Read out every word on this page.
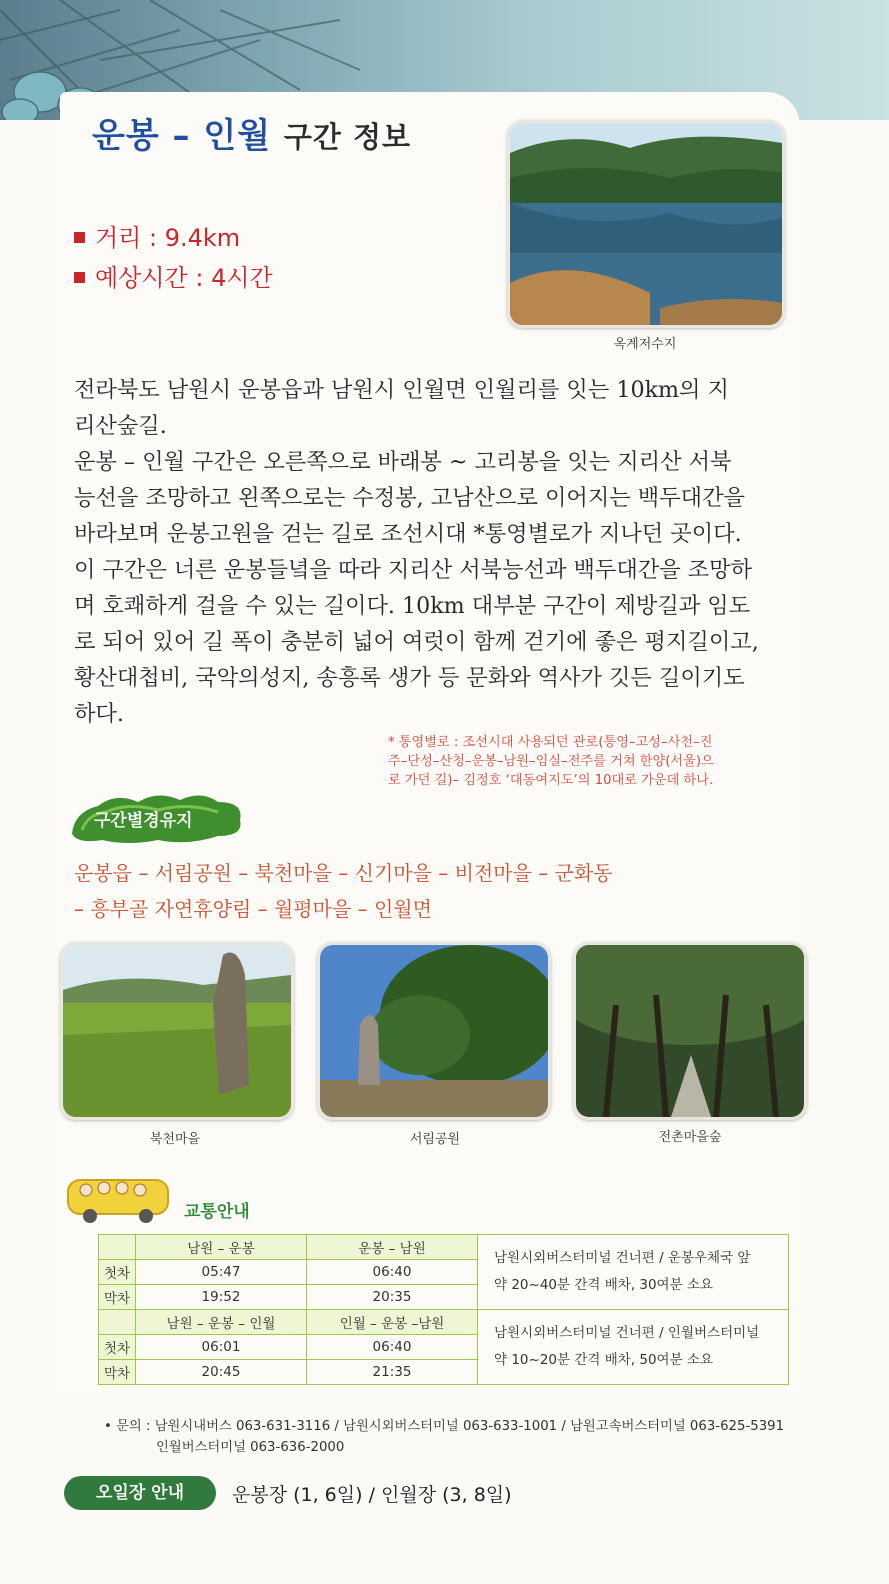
운봉 – 인월 구간 정보
거리 : 9.4km
예상시간 : 4시간
옥계저수지
전라북도 남원시 운봉읍과 남원시 인월면 인월리를 잇는 10km의 지
리산숲길.
운봉 – 인월 구간은 오른쪽으로 바래봉 ~ 고리봉을 잇는 지리산 서북
능선을 조망하고 왼쪽으로는 수정봉, 고남산으로 이어지는 백두대간을
바라보며 운봉고원을 걷는 길로 조선시대 *통영별로가 지나던 곳이다.
이 구간은 너른 운봉들녘을 따라 지리산 서북능선과 백두대간을 조망하
며 호쾌하게 걸을 수 있는 길이다. 10km 대부분 구간이 제방길과 임도
로 되어 있어 길 폭이 충분히 넓어 여럿이 함께 걷기에 좋은 평지길이고,
황산대첩비, 국악의성지, 송흥록 생가 등 문화와 역사가 깃든 길이기도
하다.
* 통영별로 : 조선시대 사용되던 관로(통영–고성–사천–진
주–단성–산청–운봉–남원–임실–전주를 거쳐 한양(서울)으
로 가던 길)– 김정호 ‘대동여지도’의 10대로 가운데 하나.
구간별경유지
운봉읍 – 서림공원 – 북천마을 – 신기마을 – 비전마을 – 군화동
– 흥부골 자연휴양림 – 월평마을 – 인월면
북천마을	서림공원	전촌마을숲
교통안내
	남원 – 운봉	운봉 – 남원	남원시외버스터미널 건너편 / 운봉우체국 앞
약 20~40분 간격 배차, 30여분 소요

첫차	05:47	06:40	
막차	19:52	20:35	
	남원 – 운봉 – 인월	인월 – 운봉 –남원	남원시외버스터미널 건너편 / 인월버스터미널
약 10~20분 간격 배차, 50여분 소요

첫차	06:01	06:40	
막차	20:45	21:35	
• 문의 : 남원시내버스 063-631-3116 / 남원시외버스터미널 063-633-1001 / 남원고속버스터미널 063-625-5391
인월버스터미널 063-636-2000
오일장 안내	운봉장 (1, 6일) / 인월장 (3, 8일)
